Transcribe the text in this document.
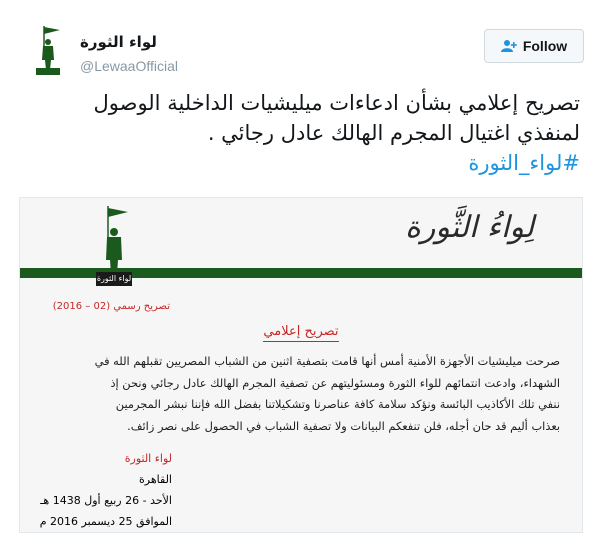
لواء الثورة
@LewaaOfficial
Follow
تصريح إعلامي بشأن ادعاءات ميليشيات الداخلية الوصول
لمنفذي اغتيال المجرم الهالك عادل رجائي .
#لواء_الثورة
لواء الثورة
لِواءُ الثَّورة
تصريح رسمي (02 – 2016)
تصريح إعلامي
صرحت ميليشيات الأجهزة الأمنية أمس أنها قامت بتصفية اثنين من الشباب المصريين تقبلهم الله في
الشهداء، وادعت انتمائهم للواء الثورة ومسئوليتهم عن تصفية المجرم الهالك عادل رجائي ونحن إذ
ننفي تلك الأكاذيب البائسة ونؤكد سلامة كافة عناصرنا وتشكيلاتنا بفضل الله فإننا نبشر المجرمين
بعذاب أليم قد حان أجله، فلن تنفعكم البيانات ولا تصفية الشباب في الحصول على نصر زائف.
لواء الثورة
القاهرة
الأحد - 26 ربيع أول 1438 هـ
الموافق 25 ديسمبر 2016 م
